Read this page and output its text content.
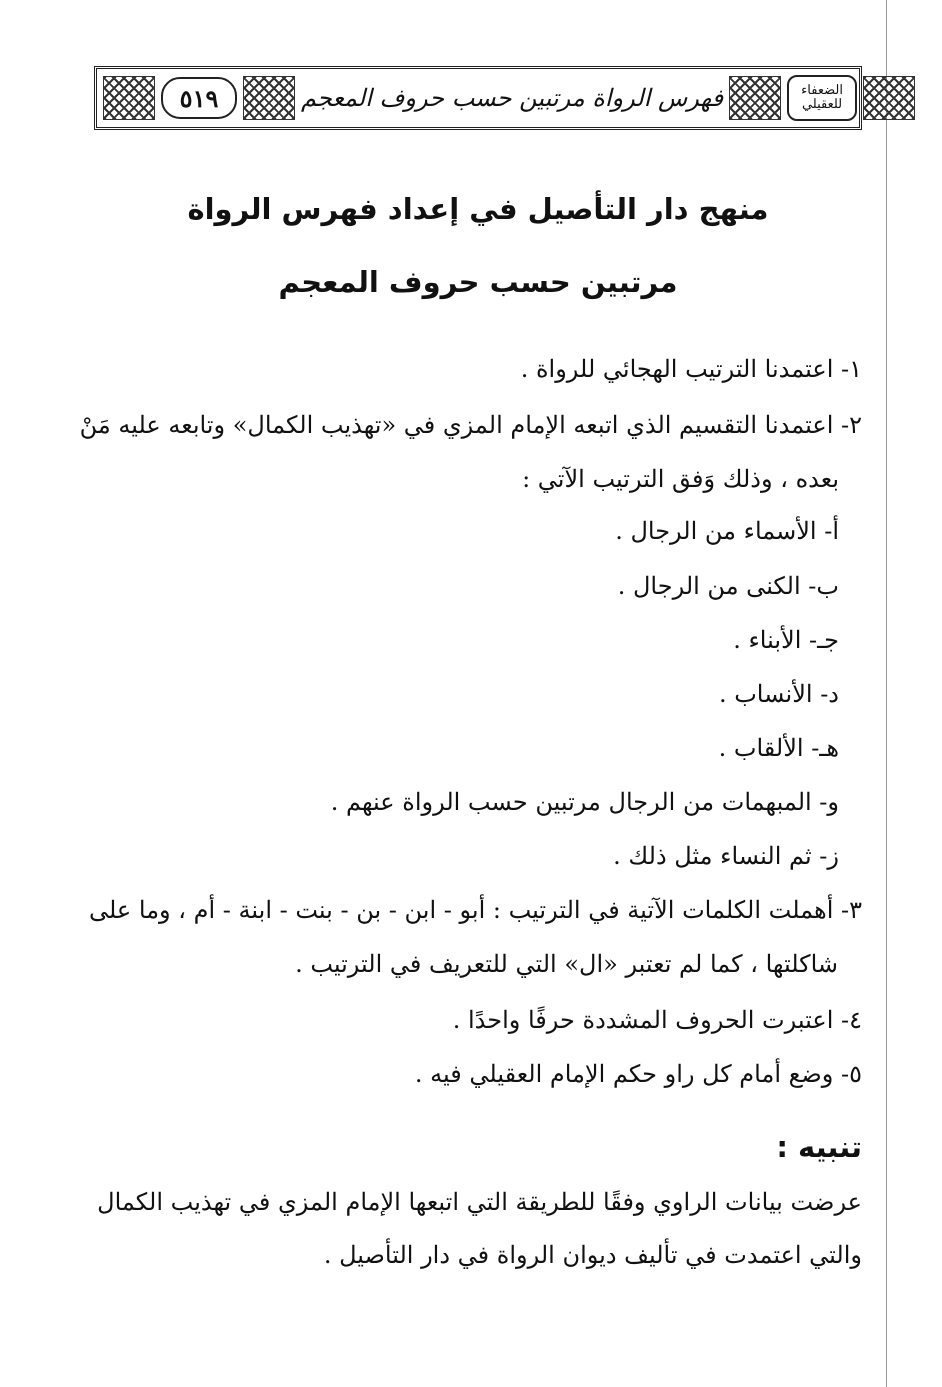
٥١٩	فهرس الرواة مرتبين حسب حروف المعجم	الضعفاء للعقيلي
منهج دار التأصيل في إعداد فهرس الرواة
مرتبين حسب حروف المعجم
١- اعتمدنا الترتيب الهجائي للرواة .
٢- اعتمدنا التقسيم الذي اتبعه الإمام المزي في «تهذيب الكمال» وتابعه عليه مَنْ
بعده ، وذلك وَفق الترتيب الآتي :
أ- الأسماء من الرجال .
ب- الكنى من الرجال .
جـ- الأبناء .
د- الأنساب .
هـ- الألقاب .
و- المبهمات من الرجال مرتبين حسب الرواة عنهم .
ز- ثم النساء مثل ذلك .
٣- أهملت الكلمات الآتية في الترتيب : أبو - ابن - بن - بنت - ابنة - أم ، وما على
شاكلتها ، كما لم تعتبر «ال» التي للتعريف في الترتيب .
٤- اعتبرت الحروف المشددة حرفًا واحدًا .
٥- وضع أمام كل راو حكم الإمام العقيلي فيه .
تنبيه :
عرضت بيانات الراوي وفقًا للطريقة التي اتبعها الإمام المزي في تهذيب الكمال
والتي اعتمدت في تأليف ديوان الرواة في دار التأصيل .
